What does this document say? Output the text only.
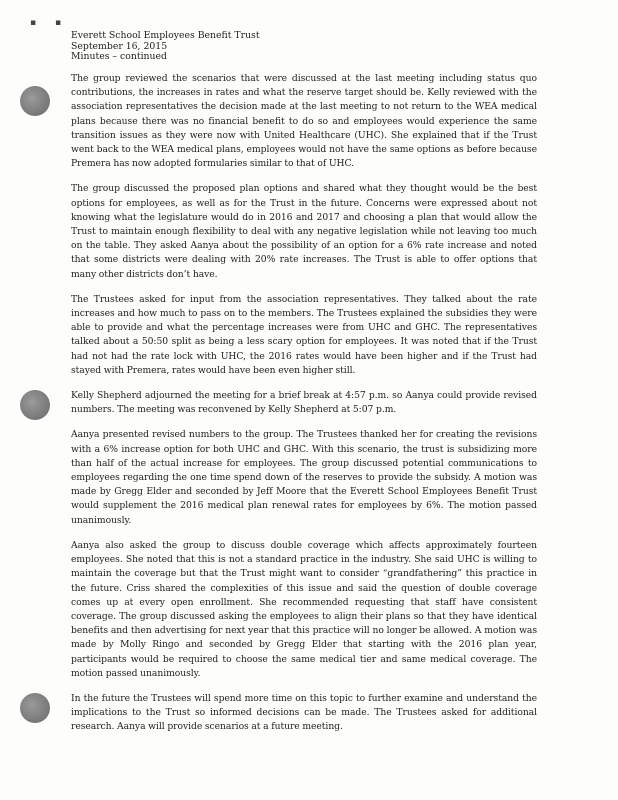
▪ ▪
Everett School Employees Benefit Trust
September 16, 2015
Minutes – continued

The group reviewed the scenarios that were discussed at the last meeting including status quo contributions, the increases in rates and what the reserve target should be. Kelly reviewed with the association representatives the decision made at the last meeting to not return to the WEA medical plans because there was no financial benefit to do so and employees would experience the same transition issues as they were now with United Healthcare (UHC). She explained that if the Trust went back to the WEA medical plans, employees would not have the same options as before because Premera has now adopted formularies similar to that of UHC.

The group discussed the proposed plan options and shared what they thought would be the best options for employees, as well as for the Trust in the future. Concerns were expressed about not knowing what the legislature would do in 2016 and 2017 and choosing a plan that would allow the Trust to maintain enough flexibility to deal with any negative legislation while not leaving too much on the table. They asked Aanya about the possibility of an option for a 6% rate increase and noted that some districts were dealing with 20% rate increases. The Trust is able to offer options that many other districts don’t have.

The Trustees asked for input from the association representatives. They talked about the rate increases and how much to pass on to the members. The Trustees explained the subsidies they were able to provide and what the percentage increases were from UHC and GHC. The representatives talked about a 50:50 split as being a less scary option for employees. It was noted that if the Trust had not had the rate lock with UHC, the 2016 rates would have been higher and if the Trust had stayed with Premera, rates would have been even higher still.

Kelly Shepherd adjourned the meeting for a brief break at 4:57 p.m. so Aanya could provide revised numbers. The meeting was reconvened by Kelly Shepherd at 5:07 p.m.

Aanya presented revised numbers to the group. The Trustees thanked her for creating the revisions with a 6% increase option for both UHC and GHC. With this scenario, the trust is subsidizing more than half of the actual increase for employees. The group discussed potential communications to employees regarding the one time spend down of the reserves to provide the subsidy. A motion was made by Gregg Elder and seconded by Jeff Moore that the Everett School Employees Benefit Trust would supplement the 2016 medical plan renewal rates for employees by 6%. The motion passed unanimously.

Aanya also asked the group to discuss double coverage which affects approximately fourteen employees. She noted that this is not a standard practice in the industry. She said UHC is willing to maintain the coverage but that the Trust might want to consider “grandfathering” this practice in the future. Criss shared the complexities of this issue and said the question of double coverage comes up at every open enrollment. She recommended requesting that staff have consistent coverage. The group discussed asking the employees to align their plans so that they have identical benefits and then advertising for next year that this practice will no longer be allowed. A motion was made by Molly Ringo and seconded by Gregg Elder that starting with the 2016 plan year, participants would be required to choose the same medical tier and same medical coverage. The motion passed unanimously.

In the future the Trustees will spend more time on this topic to further examine and understand the implications to the Trust so informed decisions can be made. The Trustees asked for additional research. Aanya will provide scenarios at a future meeting.
